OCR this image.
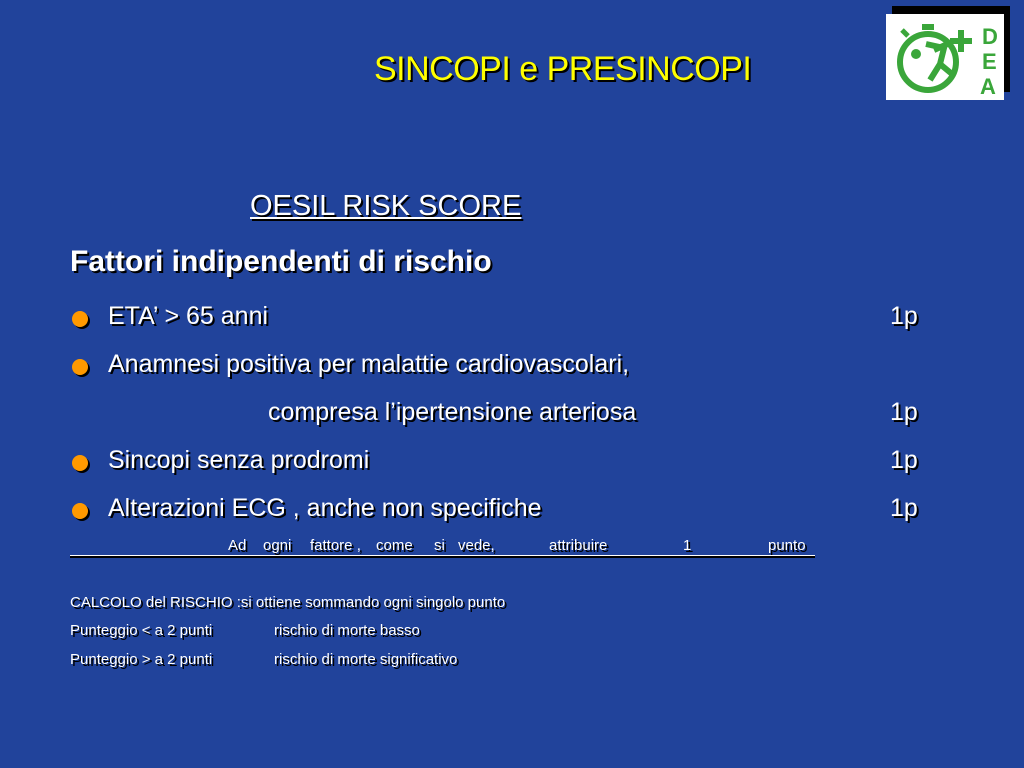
SINCOPI e PRESINCOPI
D
E
A
OESIL RISK SCORE
Fattori indipendenti di rischio
ETA’ > 65 anni	1p
Anamnesi positiva per malattie cardiovascolari,
compresa l’ipertensione arteriosa	1p
Sincopi senza prodromi	1p
Alterazioni ECG , anche non specifiche	1p
Ad ogni fattore , come si vede,	attribuire	1	punto
CALCOLO del RISCHIO :si ottiene sommando ogni singolo punto
Punteggio < a 2 punti	rischio di morte basso
Punteggio > a 2 punti	rischio di morte significativo
